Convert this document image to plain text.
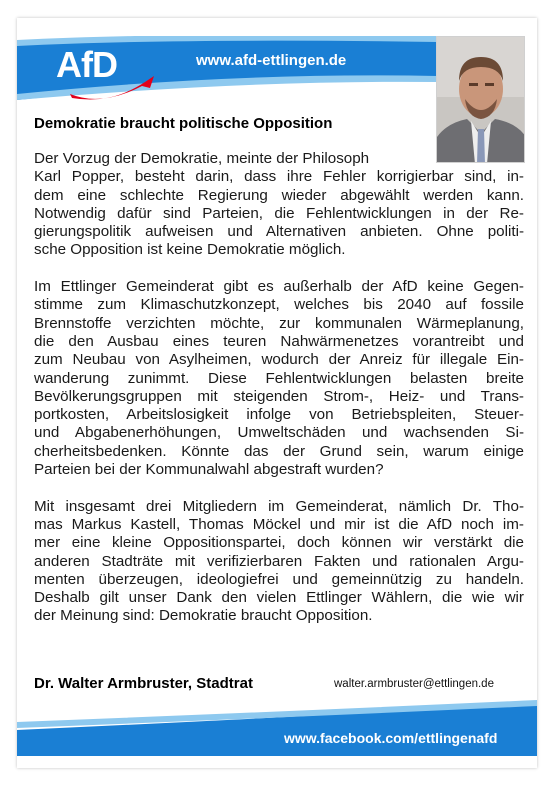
AfD	www.afd-ettlingen.de
Demokratie braucht politische Opposition
Der Vorzug der Demokratie, meinte der Philosoph
Karl Popper, besteht darin, dass ihre Fehler korrigierbar sind, in-
dem eine schlechte Regierung wieder abgewählt werden kann.
Notwendig dafür sind Parteien, die Fehlentwicklungen in der Re-
gierungspolitik aufweisen und Alternativen anbieten. Ohne politi-
sche Opposition ist keine Demokratie möglich.
Im Ettlinger Gemeinderat gibt es außerhalb der AfD keine Gegen-
stimme zum Klimaschutzkonzept, welches bis 2040 auf fossile
Brennstoffe verzichten möchte, zur kommunalen Wärmeplanung,
die den Ausbau eines teuren Nahwärmenetzes vorantreibt und
zum Neubau von Asylheimen, wodurch der Anreiz für illegale Ein-
wanderung zunimmt. Diese Fehlentwicklungen belasten breite
Bevölkerungsgruppen mit steigenden Strom-, Heiz- und Trans-
portkosten, Arbeitslosigkeit infolge von Betriebspleiten, Steuer-
und Abgabenerhöhungen, Umweltschäden und wachsenden Si-
cherheitsbedenken. Könnte das der Grund sein, warum einige
Parteien bei der Kommunalwahl abgestraft wurden?
Mit insgesamt drei Mitgliedern im Gemeinderat, nämlich Dr. Tho-
mas Markus Kastell, Thomas Möckel und mir ist die AfD noch im-
mer eine kleine Oppositionspartei, doch können wir verstärkt die
anderen Stadträte mit verifizierbaren Fakten und rationalen Argu-
menten überzeugen, ideologiefrei und gemeinnützig zu handeln.
Deshalb gilt unser Dank den vielen Ettlinger Wählern, die wie wir
der Meinung sind: Demokratie braucht Opposition.
Dr. Walter Armbruster, Stadtrat	walter.armbruster@ettlingen.de
www.facebook.com/ettlingenafd
